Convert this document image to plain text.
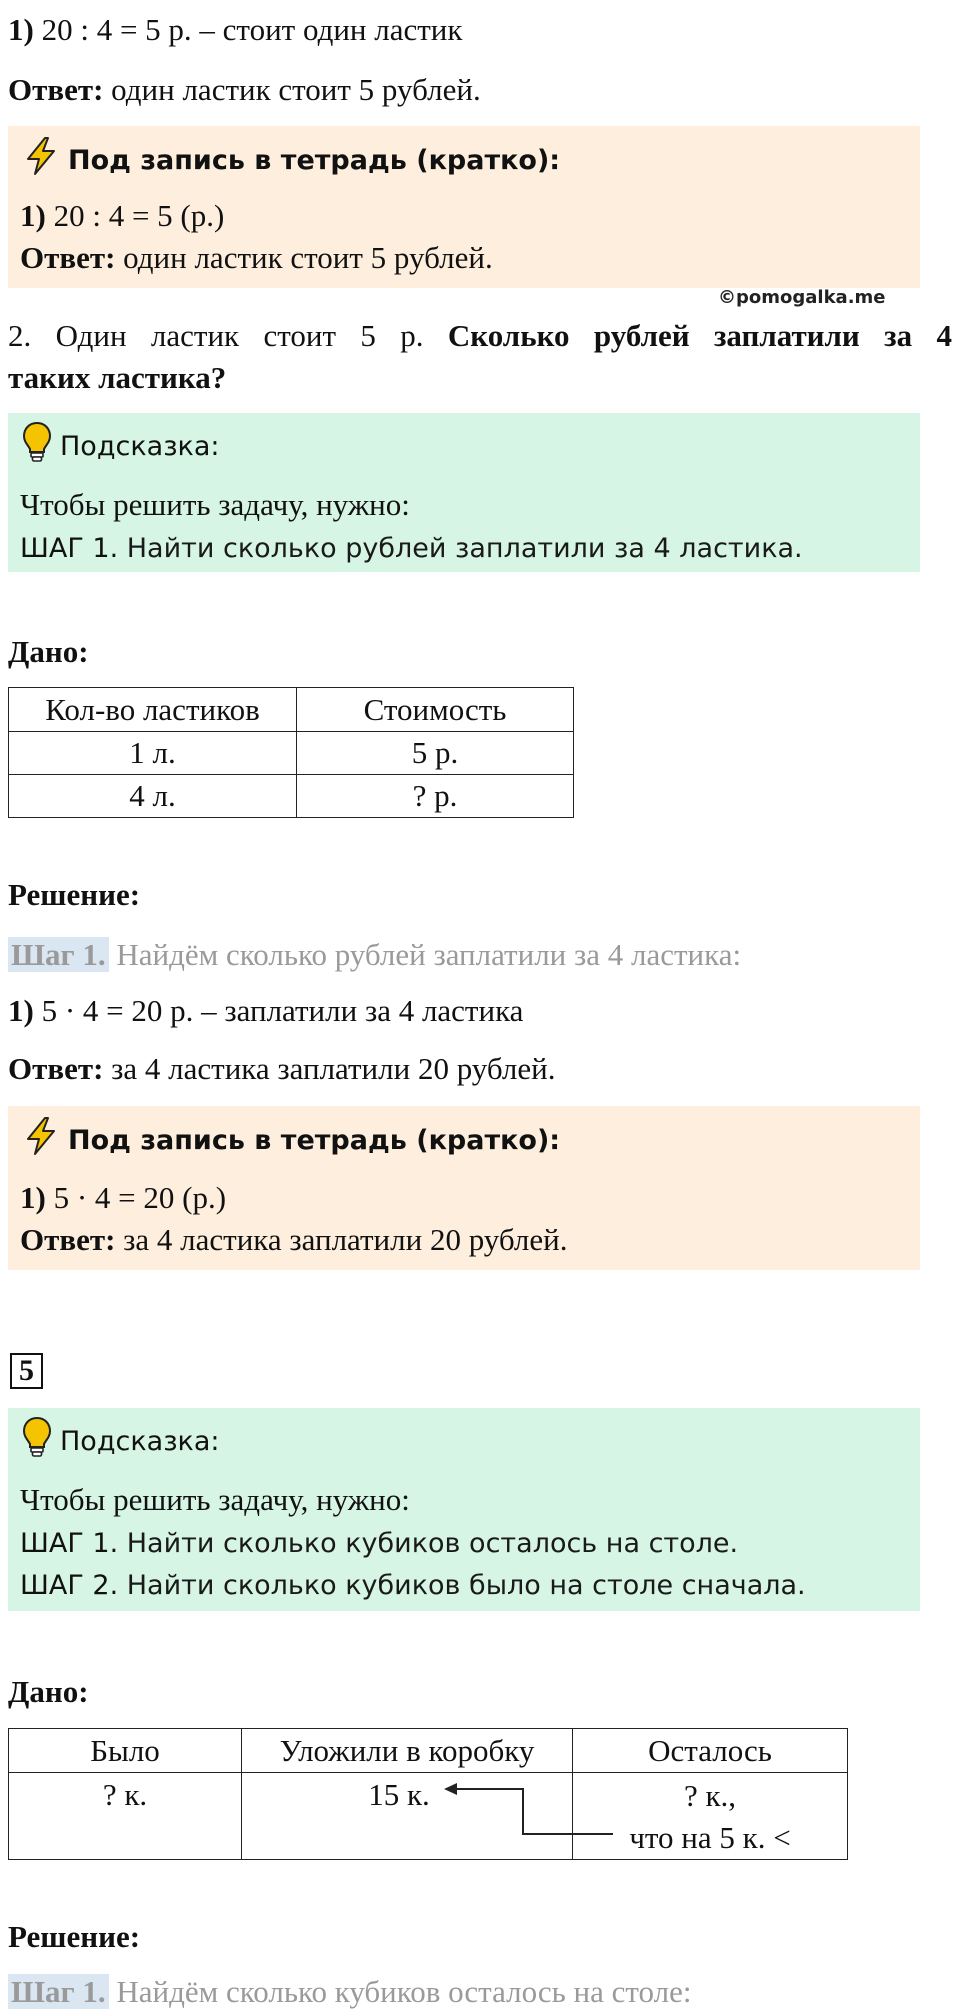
1) 20 : 4 = 5 р. – стоит один ластик
Ответ: один ластик стоит 5 рублей.
Под запись в тетрадь (кратко):
1) 20 : 4 = 5 (р.)
Ответ: один ластик стоит 5 рублей.
©pomogalka.me
2. Один ластик стоит 5 р. Сколько рублей заплатили за 4
таких ластика?
Подсказка:
Чтобы решить задачу, нужно:
ШАГ 1. Найти сколько рублей заплатили за 4 ластика.
Дано:
Кол-во ластиков	Стоимость
1 л.	5 р.
4 л.	? р.
Решение:
Шаг 1. Найдём сколько рублей заплатили за 4 ластика:
1) 5 · 4 = 20 р. – заплатили за 4 ластика
Ответ: за 4 ластика заплатили 20 рублей.
Под запись в тетрадь (кратко):
1) 5 · 4 = 20 (р.)
Ответ: за 4 ластика заплатили 20 рублей.
5
Подсказка:
Чтобы решить задачу, нужно:
ШАГ 1. Найти сколько кубиков осталось на столе.
ШАГ 2. Найти сколько кубиков было на столе сначала.
Дано:
Было	Уложили в коробку	Осталось
? к.	15 к.	? к.,
что на 5 к. <
Решение:
Шаг 1. Найдём сколько кубиков осталось на столе:
